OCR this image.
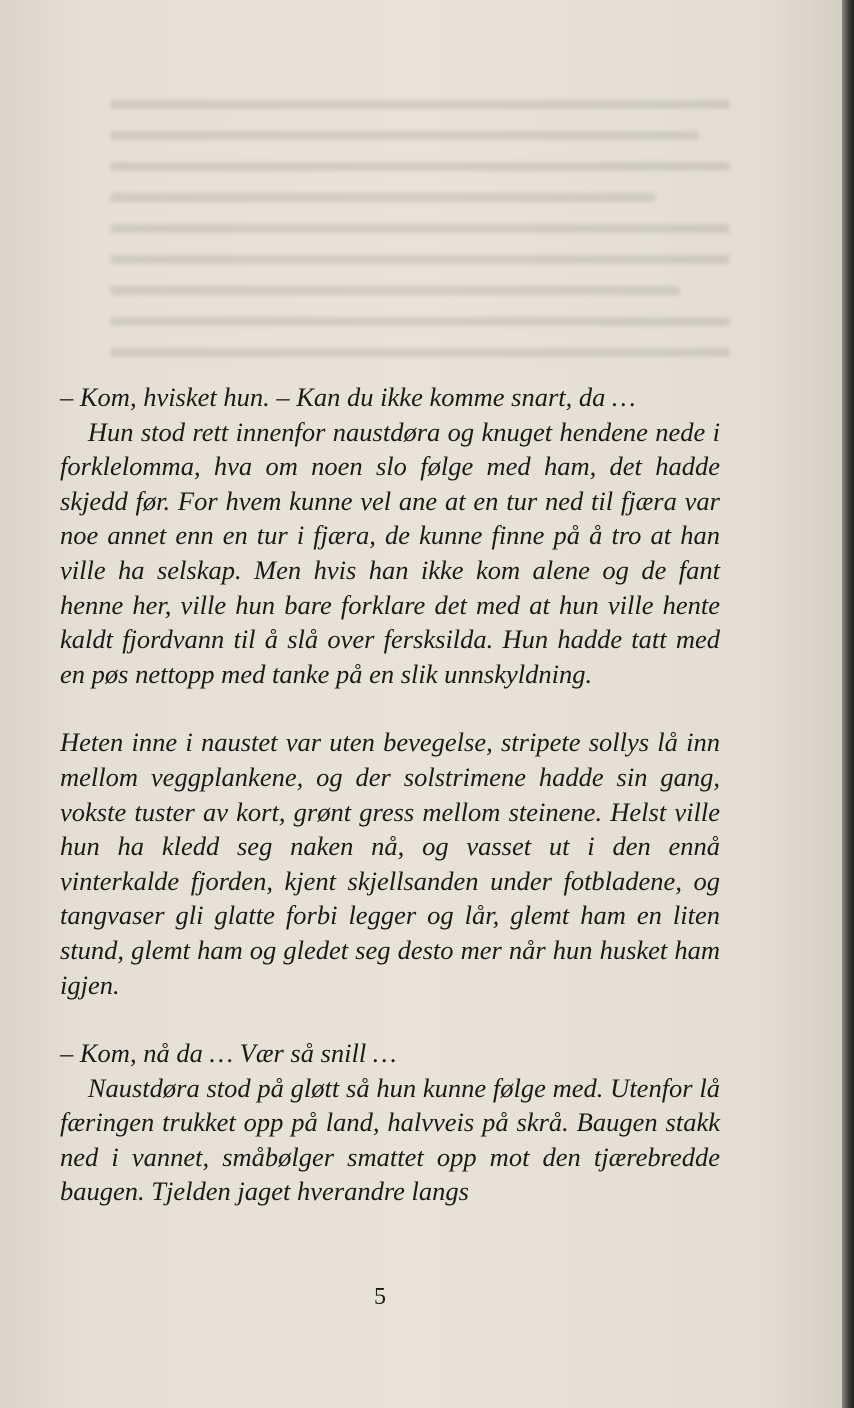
– Kom, hvisket hun. – Kan du ikke komme snart, da …

Hun stod rett innenfor naustdøra og knuget hendene nede i forklelomma, hva om noen slo følge med ham, det hadde skjedd før. For hvem kunne vel ane at en tur ned til fjæra var noe annet enn en tur i fjæra, de kunne finne på å tro at han ville ha selskap. Men hvis han ikke kom alene og de fant henne her, ville hun bare forklare det med at hun ville hente kaldt fjordvann til å slå over fersksilda. Hun hadde tatt med en pøs nettopp med tanke på en slik unnskyldning.

Heten inne i naustet var uten bevegelse, stripete sollys lå inn mellom veggplankene, og der solstrimene hadde sin gang, vokste tuster av kort, grønt gress mellom steinene. Helst ville hun ha kledd seg naken nå, og vasset ut i den ennå vinterkalde fjorden, kjent skjellsanden under fotbladene, og tangvaser gli glatte forbi legger og lår, glemt ham en liten stund, glemt ham og gledet seg desto mer når hun husket ham igjen.

– Kom, nå da … Vær så snill …

Naustdøra stod på gløtt så hun kunne følge med. Utenfor lå færingen trukket opp på land, halvveis på skrå. Baugen stakk ned i vannet, småbølger smattet opp mot den tjærebredde baugen. Tjelden jaget hverandre langs

5
